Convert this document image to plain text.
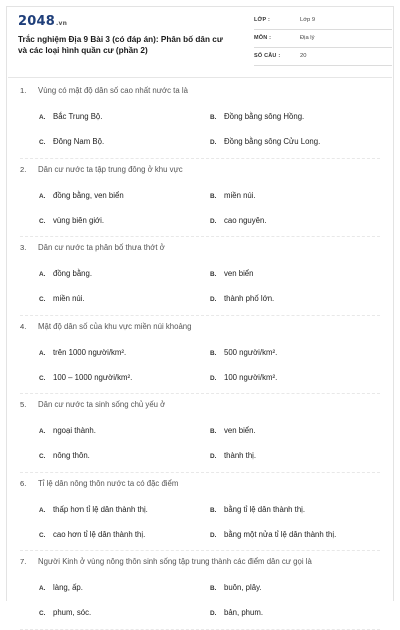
2048.vn
Trắc nghiệm Địa 9 Bài 3 (có đáp án): Phân bố dân cư và các loại hình quần cư (phần 2)
LỚP :	Lớp 9
MÔN :	Địa lý
SỐ CÂU :	20
1. Vùng có mật độ dân số cao nhất nước ta là
A. Bắc Trung Bộ.	B. Đồng bằng sông Hồng.
C. Đông Nam Bộ.	D. Đồng bằng sông Cửu Long.
2. Dân cư nước ta tập trung đông ở khu vực
A. đồng bằng, ven biển	B. miền núi.
C. vùng biên giới.	D. cao nguyên.
3. Dân cư nước ta phân bố thưa thớt ở
A. đồng bằng.	B. ven biển
C. miền núi.	D. thành phố lớn.
4. Mật độ dân số của khu vực miền núi khoảng
A. trên 1000 người/km².	B. 500 người/km².
C. 100 – 1000 người/km².	D. 100 người/km².
5. Dân cư nước ta sinh sống chủ yếu ở
A. ngoại thành.	B. ven biển.
C. nông thôn.	D. thành thị.
6. Tỉ lệ dân nông thôn nước ta có đặc điểm
A. thấp hơn tỉ lệ dân thành thị.	B. bằng tỉ lệ dân thành thị.
C. cao hơn tỉ lệ dân thành thị.	D. bằng một nửa tỉ lệ dân thành thị.
7. Người Kinh ở vùng nông thôn sinh sống tập trung thành các điểm dân cư gọi là
A. làng, ấp.	B. buôn, plây.
C. phum, sóc.	D. bản, phum.
